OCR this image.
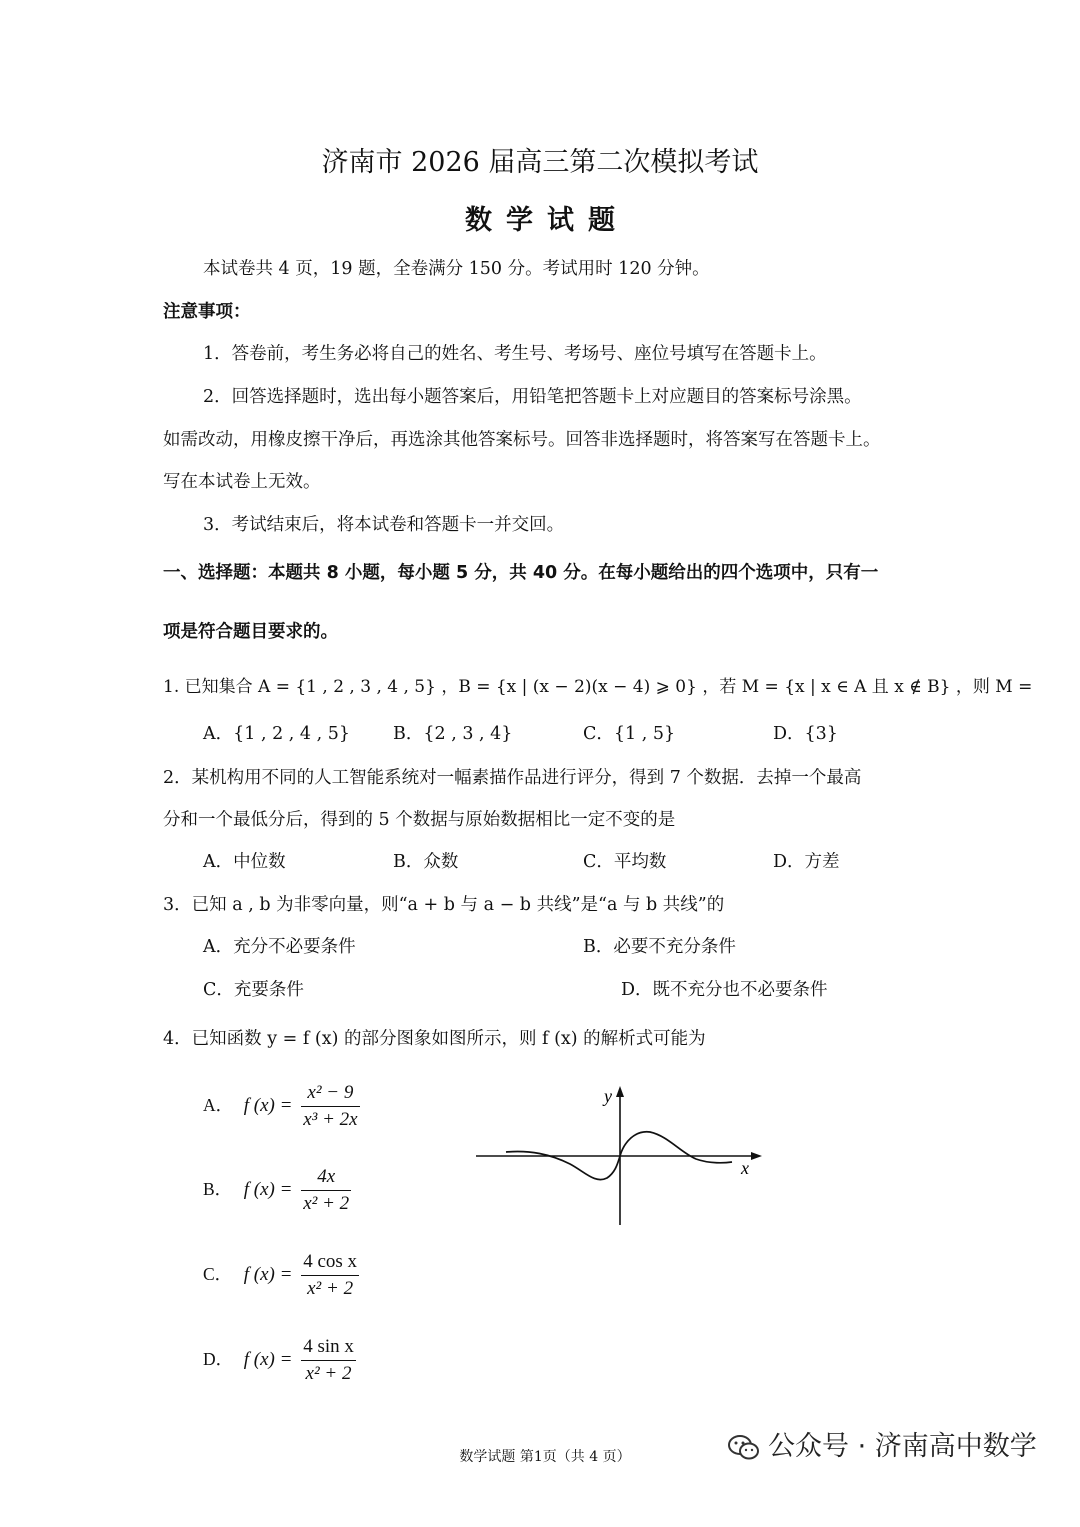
济南市 2026 届高三第二次模拟考试
数学试题
本试卷共 4 页，19 题，全卷满分 150 分。考试用时 120 分钟。
注意事项：
1．答卷前，考生务必将自己的姓名、考生号、考场号、座位号填写在答题卡上。
2．回答选择题时，选出每小题答案后，用铅笔把答题卡上对应题目的答案标号涂黑。
如需改动，用橡皮擦干净后，再选涂其他答案标号。回答非选择题时，将答案写在答题卡上。
写在本试卷上无效。
3．考试结束后，将本试卷和答题卡一并交回。
一、选择题：本题共 8 小题，每小题 5 分，共 40 分。在每小题给出的四个选项中，只有一
项是符合题目要求的。
1. 已知集合 A = {1 , 2 , 3 , 4 , 5} ，B = {x | (x − 2)(x − 4) ⩾ 0} ，若 M = {x | x ∈ A 且 x ∉ B} ，则 M =
A．{1 , 2 , 4 , 5} B．{2 , 3 , 4}	C．{1 , 5}	D．{3}
2．某机构用不同的人工智能系统对一幅素描作品进行评分，得到 7 个数据．去掉一个最高
分和一个最低分后，得到的 5 个数据与原始数据相比一定不变的是
A．中位数	B．众数	C．平均数	D．方差
3．已知 a , b 为非零向量，则“a + b 与 a − b 共线”是“a 与 b 共线”的
A．充分不必要条件	B．必要不充分条件
C．充要条件	D．既不充分也不必要条件
4．已知函数 y = f (x) 的部分图象如图所示，则 f (x) 的解析式可能为
A． f $(x) = \frac{\text{x² − 9}}{\text{x³ + 2x}}$
B． f $(x) = \frac{4x}{\text{x² + 2}}$
C． f $(x) = \frac{\text{4 cos x}}{\text{x² + 2}}$
D． f $(x) = \frac{\text{4 sin x}}{\text{x² + 2}}$
y
x
数学试题 第1页（共 4 页）	公众号 · 济南高中数学
